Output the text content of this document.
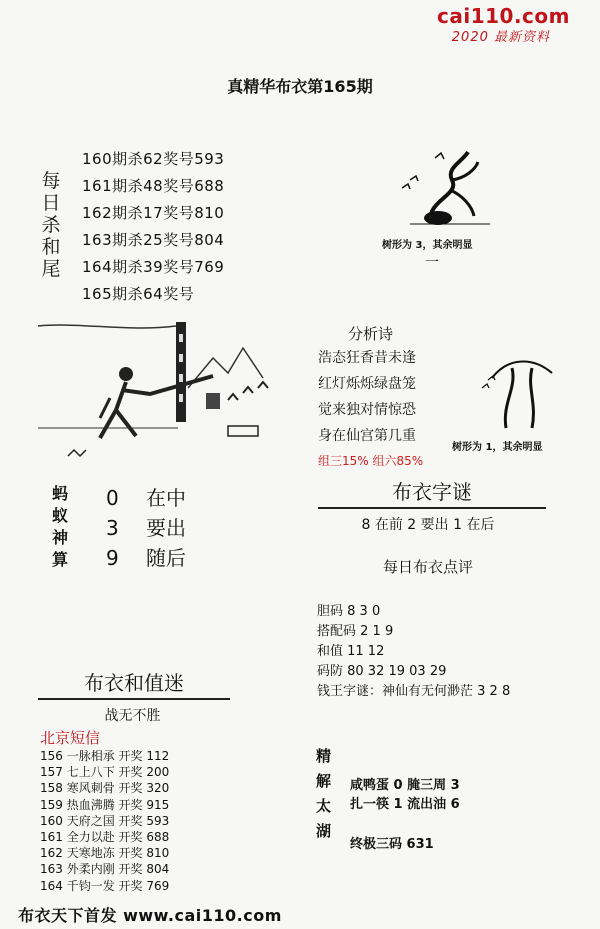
cai110.com
2020 最新资料
真精华布衣第165期
每
日
杀
和
尾
160期杀62奖号593
161期杀48奖号688
162期杀17奖号810
163期杀25奖号804
164期杀39奖号769
165期杀64奖号
树形为 3，其余明显
一
分析诗
浩态狂香昔未逢
红灯烁烁绿盘笼
觉来独对情惊恐
身在仙宫第几重
组三15% 组六85%
树形为 1，其余明显
蚂
蚁
神
算
0	在中
3	要出
9	随后
布衣字谜
8 在前 2 要出 1 在后
每日布衣点评
胆码 8 3 0
搭配码 2 1 9
和值 11 12
码防 80 32 19 03 29
钱王字谜：神仙有无何渺茫 3 2 8
布衣和值迷
战无不胜
北京短信
156 一脉相承 开奖 112
157 七上八下 开奖 200
158 寒风刺骨 开奖 320
159 热血沸腾 开奖 915
160 天府之国 开奖 593
161 全力以赴 开奖 688
162 天寒地冻 开奖 810
163 外柔内刚 开奖 804
164 千钧一发 开奖 769
精
解
太
湖
咸鸭蛋 0 腌三周 3
扎一筷 1 流出油 6
终极三码 631
布衣天下首发 www.cai110.com
